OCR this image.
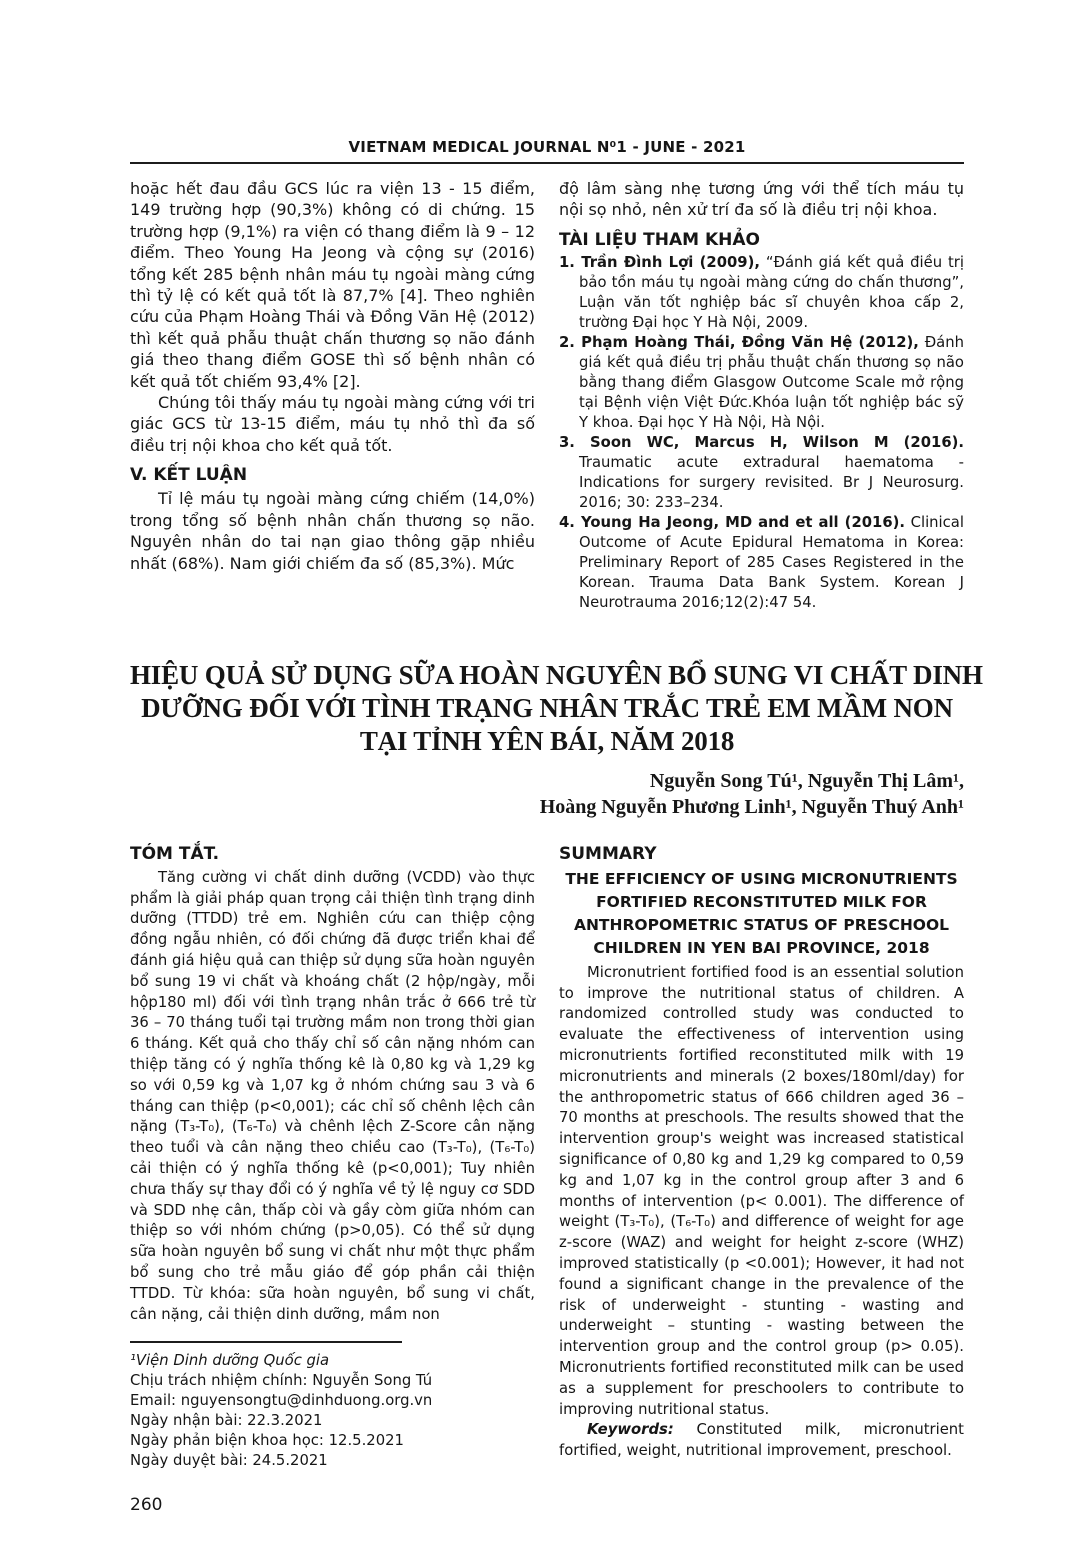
VIETNAM MEDICAL JOURNAL N⁰1 - JUNE - 2021

hoặc hết đau đầu GCS lúc ra viện 13 - 15 điểm, 149 trường hợp (90,3%) không có di chứng. 15 trường hợp (9,1%) ra viện có thang điểm là 9 – 12 điểm. Theo Young Ha Jeong và cộng sự (2016) tổng kết 285 bệnh nhân máu tụ ngoài màng cứng thì tỷ lệ có kết quả tốt là 87,7% [4]. Theo nghiên cứu của Phạm Hoàng Thái và Đồng Văn Hệ (2012) thì kết quả phẫu thuật chấn thương sọ não đánh giá theo thang điểm GOSE thì số bệnh nhân có kết quả tốt chiếm 93,4% [2].

Chúng tôi thấy máu tụ ngoài màng cứng với tri giác GCS từ 13-15 điểm, máu tụ nhỏ thì đa số điều trị nội khoa cho kết quả tốt.

V. KẾT LUẬN

Tỉ lệ máu tụ ngoài màng cứng chiếm (14,0%) trong tổng số bệnh nhân chấn thương sọ não. Nguyên nhân do tai nạn giao thông gặp nhiều nhất (68%). Nam giới chiếm đa số (85,3%). Mức

độ lâm sàng nhẹ tương ứng với thể tích máu tụ nội sọ nhỏ, nên xử trí đa số là điều trị nội khoa.

TÀI LIỆU THAM KHẢO

1. Trần Đình Lợi (2009), “Đánh giá kết quả điều trị bảo tồn máu tụ ngoài màng cứng do chấn thương”, Luận văn tốt nghiệp bác sĩ chuyên khoa cấp 2, trường Đại học Y Hà Nội, 2009.

2. Phạm Hoàng Thái, Đồng Văn Hệ (2012), Đánh giá kết quả điều trị phẫu thuật chấn thương sọ não bằng thang điểm Glasgow Outcome Scale mở rộng tại Bệnh viện Việt Đức.Khóa luận tốt nghiệp bác sỹ Y khoa. Đại học Y Hà Nội, Hà Nội.

3. Soon WC, Marcus H, Wilson M (2016). Traumatic acute extradural haematoma - Indications for surgery revisited. Br J Neurosurg. 2016; 30: 233–234.

4. Young Ha Jeong, MD and et all (2016). Clinical Outcome of Acute Epidural Hematoma in Korea: Preliminary Report of 285 Cases Registered in the Korean. Trauma Data Bank System. Korean J Neurotrauma 2016;12(2):47 54.

HIỆU QUẢ SỬ DỤNG SỮA HOÀN NGUYÊN BỔ SUNG VI CHẤT DINH
DƯỠNG ĐỐI VỚI TÌNH TRẠNG NHÂN TRẮC TRẺ EM MẦM NON
TẠI TỈNH YÊN BÁI, NĂM 2018
Nguyễn Song Tú¹, Nguyễn Thị Lâm¹,
Hoàng Nguyễn Phương Linh¹, Nguyễn Thuý Anh¹
TÓM TẮT.

Tăng cường vi chất dinh dưỡng (VCDD) vào thực phẩm là giải pháp quan trọng cải thiện tình trạng dinh dưỡng (TTDD) trẻ em. Nghiên cứu can thiệp cộng đồng ngẫu nhiên, có đối chứng đã được triển khai để đánh giá hiệu quả can thiệp sử dụng sữa hoàn nguyên bổ sung 19 vi chất và khoáng chất (2 hộp/ngày, mỗi hộp180 ml) đối với tình trạng nhân trắc ở 666 trẻ từ 36 – 70 tháng tuổi tại trường mầm non trong thời gian 6 tháng. Kết quả cho thấy chỉ số cân nặng nhóm can thiệp tăng có ý nghĩa thống kê là 0,80 kg và 1,29 kg so với 0,59 kg và 1,07 kg ở nhóm chứng sau 3 và 6 tháng can thiệp (p<0,001); các chỉ số chênh lệch cân nặng (T₃-T₀), (T₆-T₀) và chênh lệch Z-Score cân nặng theo tuổi và cân nặng theo chiều cao (T₃-T₀), (T₆-T₀) cải thiện có ý nghĩa thống kê (p<0,001); Tuy nhiên chưa thấy sự thay đổi có ý nghĩa về tỷ lệ nguy cơ SDD và SDD nhẹ cân, thấp còi và gầy còm giữa nhóm can thiệp so với nhóm chứng (p>0,05). Có thể sử dụng sữa hoàn nguyên bổ sung vi chất như một thực phẩm bổ sung cho trẻ mẫu giáo để góp phần cải thiện TTDD. Từ khóa: sữa hoàn nguyên, bổ sung vi chất, cân nặng, cải thiện dinh dưỡng, mầm non

¹Viện Dinh dưỡng Quốc gia
Chịu trách nhiệm chính: Nguyễn Song Tú
Email: nguyensongtu@dinhduong.org.vn
Ngày nhận bài: 22.3.2021
Ngày phản biện khoa học: 12.5.2021
Ngày duyệt bài: 24.5.2021
SUMMARY
THE EFFICIENCY OF USING MICRONUTRIENTS
FORTIFIED RECONSTITUTED MILK FOR
ANTHROPOMETRIC STATUS OF PRESCHOOL
CHILDREN IN YEN BAI PROVINCE, 2018

Micronutrient fortified food is an essential solution to improve the nutritional status of children. A randomized controlled study was conducted to evaluate the effectiveness of intervention using micronutrients fortified reconstituted milk with 19 micronutrients and minerals (2 boxes/180ml/day) for the anthropometric status of 666 children aged 36 – 70 months at preschools. The results showed that the intervention group's weight was increased statistical significance of 0,80 kg and 1,29 kg compared to 0,59 kg and 1,07 kg in the control group after 3 and 6 months of intervention (p< 0.001). The difference of weight (T₃-T₀), (T₆-T₀) and difference of weight for age z-score (WAZ) and weight for height z-score (WHZ) improved statistically (p <0.001); However, it had not found a significant change in the prevalence of the risk of underweight - stunting - wasting and underweight – stunting - wasting between the intervention group and the control group (p> 0.05). Micronutrients fortified reconstituted milk can be used as a supplement for preschoolers to contribute to improving nutritional status.

Keywords: Constituted milk, micronutrient fortified, weight, nutritional improvement, preschool.

260
